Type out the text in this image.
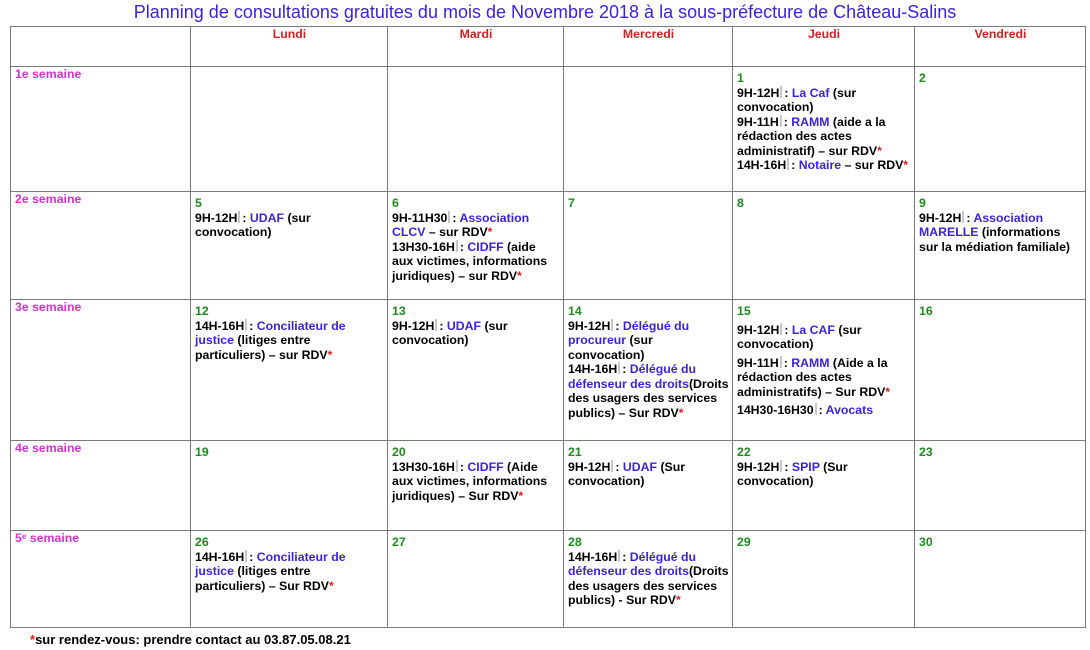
Planning de consultations gratuites du mois de Novembre 2018 à la sous-préfecture de Château-Salins
	Lundi	Mardi	Mercredi	Jeudi	Vendredi
1e semaine				1
9H-12H : La Caf (sur convocation)
9H-11H : RAMM (aide a la rédaction des actes administratif) – sur RDV*
14H-16H : Notaire – sur RDV*	2

2e semaine	5
9H-12H : UDAF (sur convocation)	6
9H-11H30 : Association CLCV – sur RDV*
13H30-16H : CIDFF (aide aux victimes, informations juridiques) – sur RDV*	7	8	9
9H-12H : Association MARELLE (informations sur la médiation familiale)

3e semaine	12
14H-16H : Conciliateur de justice (litiges entre particuliers) – sur RDV*	13
9H-12H : UDAF (sur convocation)	14
9H-12H : Délégué du procureur (sur convocation)
14H-16H : Délégué du défenseur des droits(Droits des usagers des services publics) – Sur RDV*	15
9H-12H : La CAF (sur convocation)
9H-11H : RAMM (Aide a la rédaction des actes administratifs) – Sur RDV*
14H30-16H30 : Avocats	16

4e semaine	19	20
13H30-16H : CIDFF (Aide aux victimes, informations juridiques) – Sur RDV*	21
9H-12H : UDAF (Sur convocation)	22
9H-12H : SPIP (Sur convocation)	23

5ᵉ semaine	26
14H-16H : Conciliateur de justice (litiges entre particuliers) – Sur RDV*	27	28
14H-16H : Délégué du défenseur des droits(Droits des usagers des services publics) - Sur RDV*	29	30
*sur rendez-vous: prendre contact au 03.87.05.08.21
